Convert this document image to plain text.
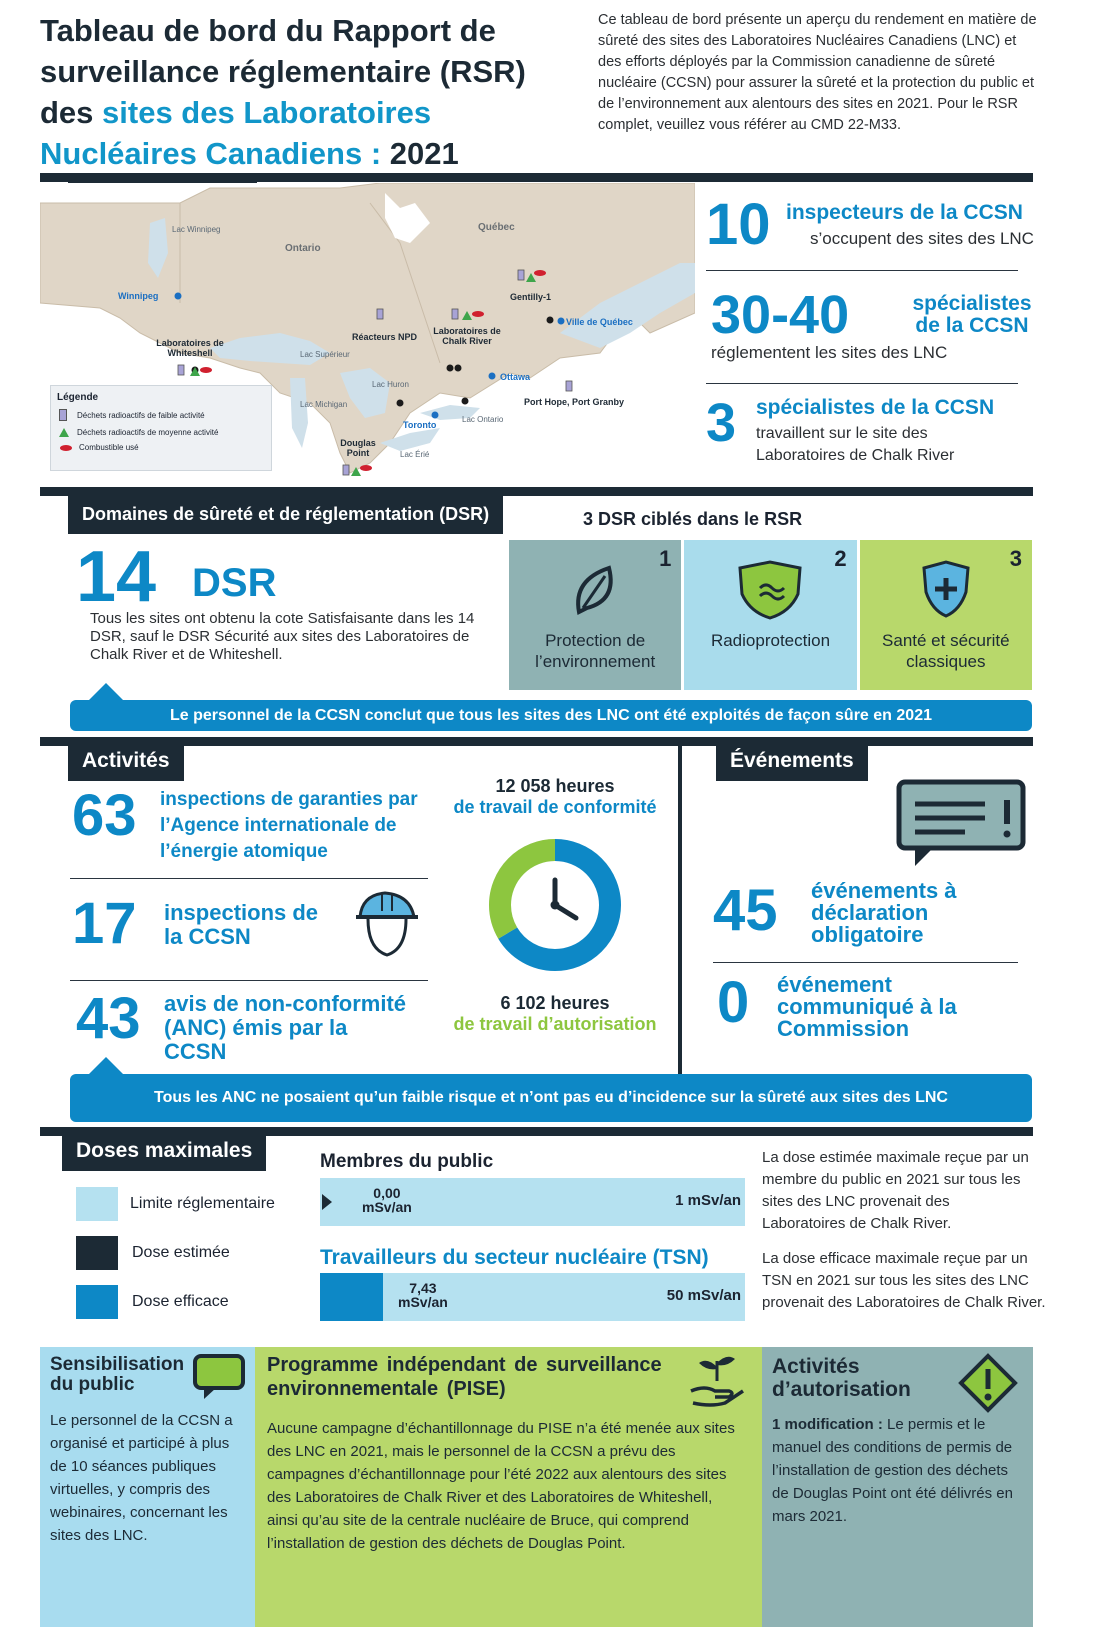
Tableau de bord du Rapport de
surveillance réglementaire (RSR)
des sites des Laboratoires
Nucléaires Canadiens : 2021
Ce tableau de bord présente un aperçu du rendement en matière de sûreté des sites des Laboratoires Nucléaires Canadiens (LNC) et des efforts déployés par la Commission canadienne de sûreté nucléaire (CCSN) pour assurer la sûreté et la protection du public et de l’environnement aux alentours des sites en 2021. Pour le RSR complet, veuillez vous référer au CMD 22-M33.
Lac Winnipeg
Ontario
Québec
Winnipeg
Laboratoires de Whiteshell
Réacteurs NPD
Laboratoires de Chalk River
Gentilly-1
Ville de Québec
Ottawa
Port Hope, Port Granby
Toronto
Douglas Point
Lac Supérieur
Lac Huron
Lac Michigan
Lac Érié
Lac Ontario
Légende
Déchets radioactifs de faible activité
Déchets radioactifs de moyenne activité
Combustible usé
10 inspecteurs de la CCSN
s’occupent des sites des LNC
30-40	spécialistes de la CCSN
réglementent les sites des LNC
3 spécialistes de la CCSN
travaillent sur le site des Laboratoires de Chalk River
Domaines de sûreté et de réglementation (DSR)	3 DSR ciblés dans le RSR
14 DSR
Tous les sites ont obtenu la cote Satisfaisante dans les 14 DSR, sauf le DSR Sécurité aux sites des Laboratoires de Chalk River et de Whiteshell.
1
Protection de l’environnement
2
Radioprotection
3
Santé et sécurité classiques
Le personnel de la CCSN conclut que tous les sites des LNC ont été exploités de façon sûre en 2021
Activités
63 inspections de garanties par l’Agence internationale de l’énergie atomique
17 inspections de la CCSN
43 avis de non-conformité (ANC) émis par la CCSN
12 058 heures
de travail de conformité
6 102 heures
de travail d’autorisation
Événements
45 événements à déclaration obligatoire
0 événement communiqué à la Commission
Tous les ANC ne posaient qu’un faible risque et n’ont pas eu d’incidence sur la sûreté aux sites des LNC
Doses maximales
Limite réglementaire
Dose estimée
Dose efficace
Membres du public
0,00
mSv/an	1 mSv/an
Travailleurs du secteur nucléaire (TSN)
7,43
mSv/an	50 mSv/an
La dose estimée maximale reçue par un membre du public en 2021 sur tous les sites des LNC provenait des Laboratoires de Chalk River.
La dose efficace maximale reçue par un TSN en 2021 sur tous les sites des LNC provenait des Laboratoires de Chalk River.
Sensibilisation du public
Le personnel de la CCSN a organisé et participé à plus de 10 séances publiques virtuelles, y compris des webinaires, concernant les sites des LNC.
Programme indépendant de surveillance environnementale (PISE)
Aucune campagne d’échantillonnage du PISE n’a été menée aux sites des LNC en 2021, mais le personnel de la CCSN a prévu des campagnes d’échantillonnage pour l’été 2022 aux alentours des sites des Laboratoires de Chalk River et des Laboratoires de Whiteshell, ainsi qu’au site de la centrale nucléaire de Bruce, qui comprend l’installation de gestion des déchets de Douglas Point.
Activités d’autorisation
1 modification : Le permis et le manuel des conditions de permis de l’installation de gestion des déchets de Douglas Point ont été délivrés en mars 2021.
